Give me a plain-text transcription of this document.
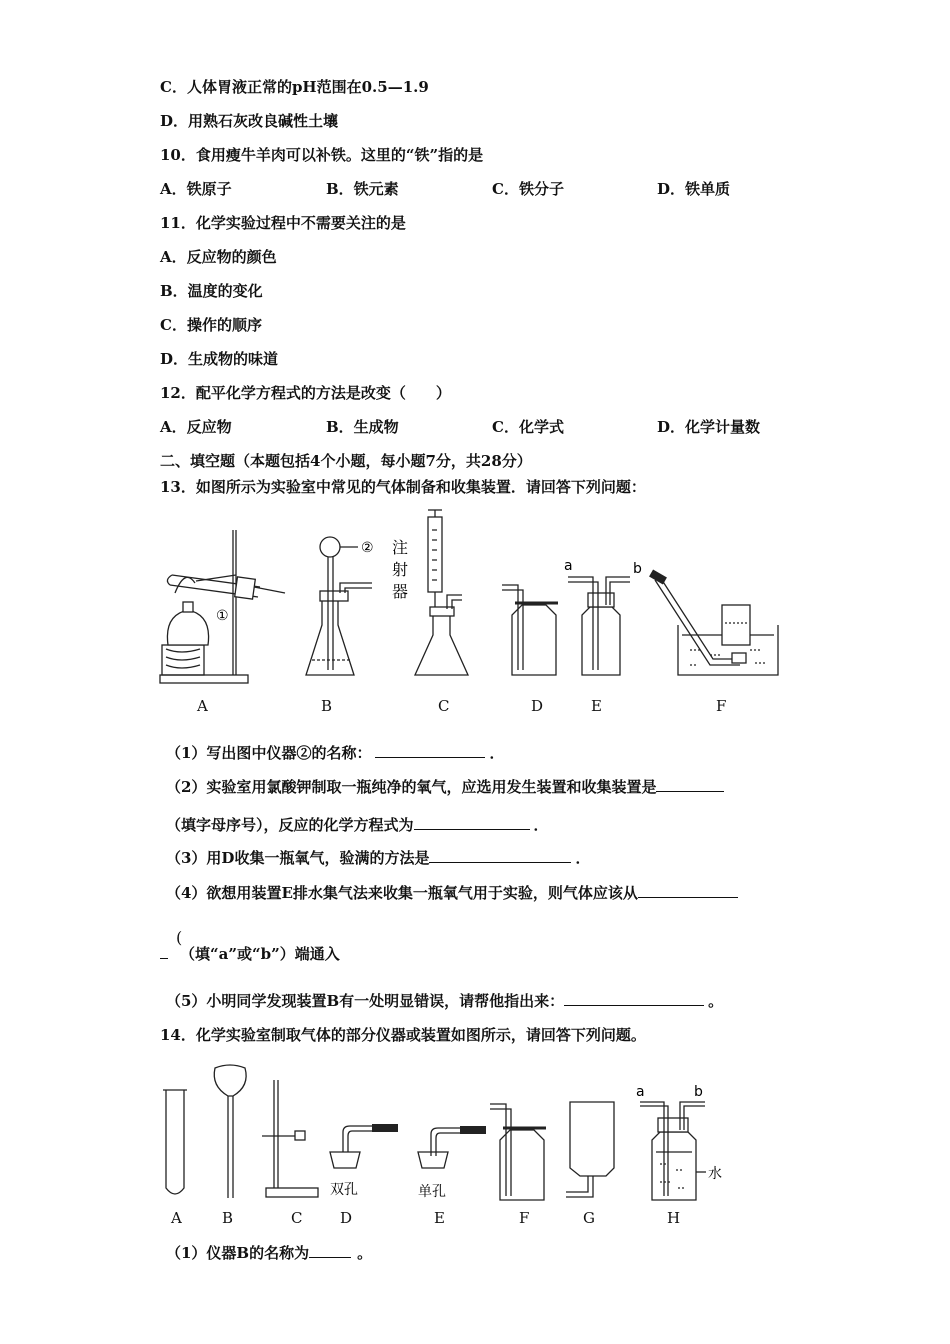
C．人体胃液正常的pH范围在0.5—1.9
D．用熟石灰改良碱性土壤
10．食用瘦牛羊肉可以补铁。这里的“铁”指的是
A．铁原子	B．铁元素	C．铁分子	D．铁单质
11．化学实验过程中不需要关注的是
A．反应物的颜色
B．温度的变化
C．操作的顺序
D．生成物的味道
12．配平化学方程式的方法是改变（　　）
A．反应物	B．生成物	C．化学式	D．化学计量数
二、填空题（本题包括4个小题，每小题7分，共28分）
13．如图所示为实验室中常见的气体制备和收集装置．请回答下列问题：
①
② 注
射
器
a	b
A	B	C	D	E	F
（1）写出图中仪器②的名称：	．
（2）实验室用氯酸钾制取一瓶纯净的氧气，应选用发生装置和收集装置是
（填字母序号），反应的化学方程式为	．
（3）用D收集一瓶氧气，验满的方法是	．
（4）欲想用装置E排水集气法来收集一瓶氧气用于实验，则气体应该从
(
（填“a”或“b”）端通入
（5）小明同学发现装置B有一处明显错误，请帮他指出来：	。
14．化学实验室制取气体的部分仪器或装置如图所示，请回答下列问题。
双孔	单孔
a	b
水
A	B	C	D	E	F	G	H
（1）仪器B的名称为	。
